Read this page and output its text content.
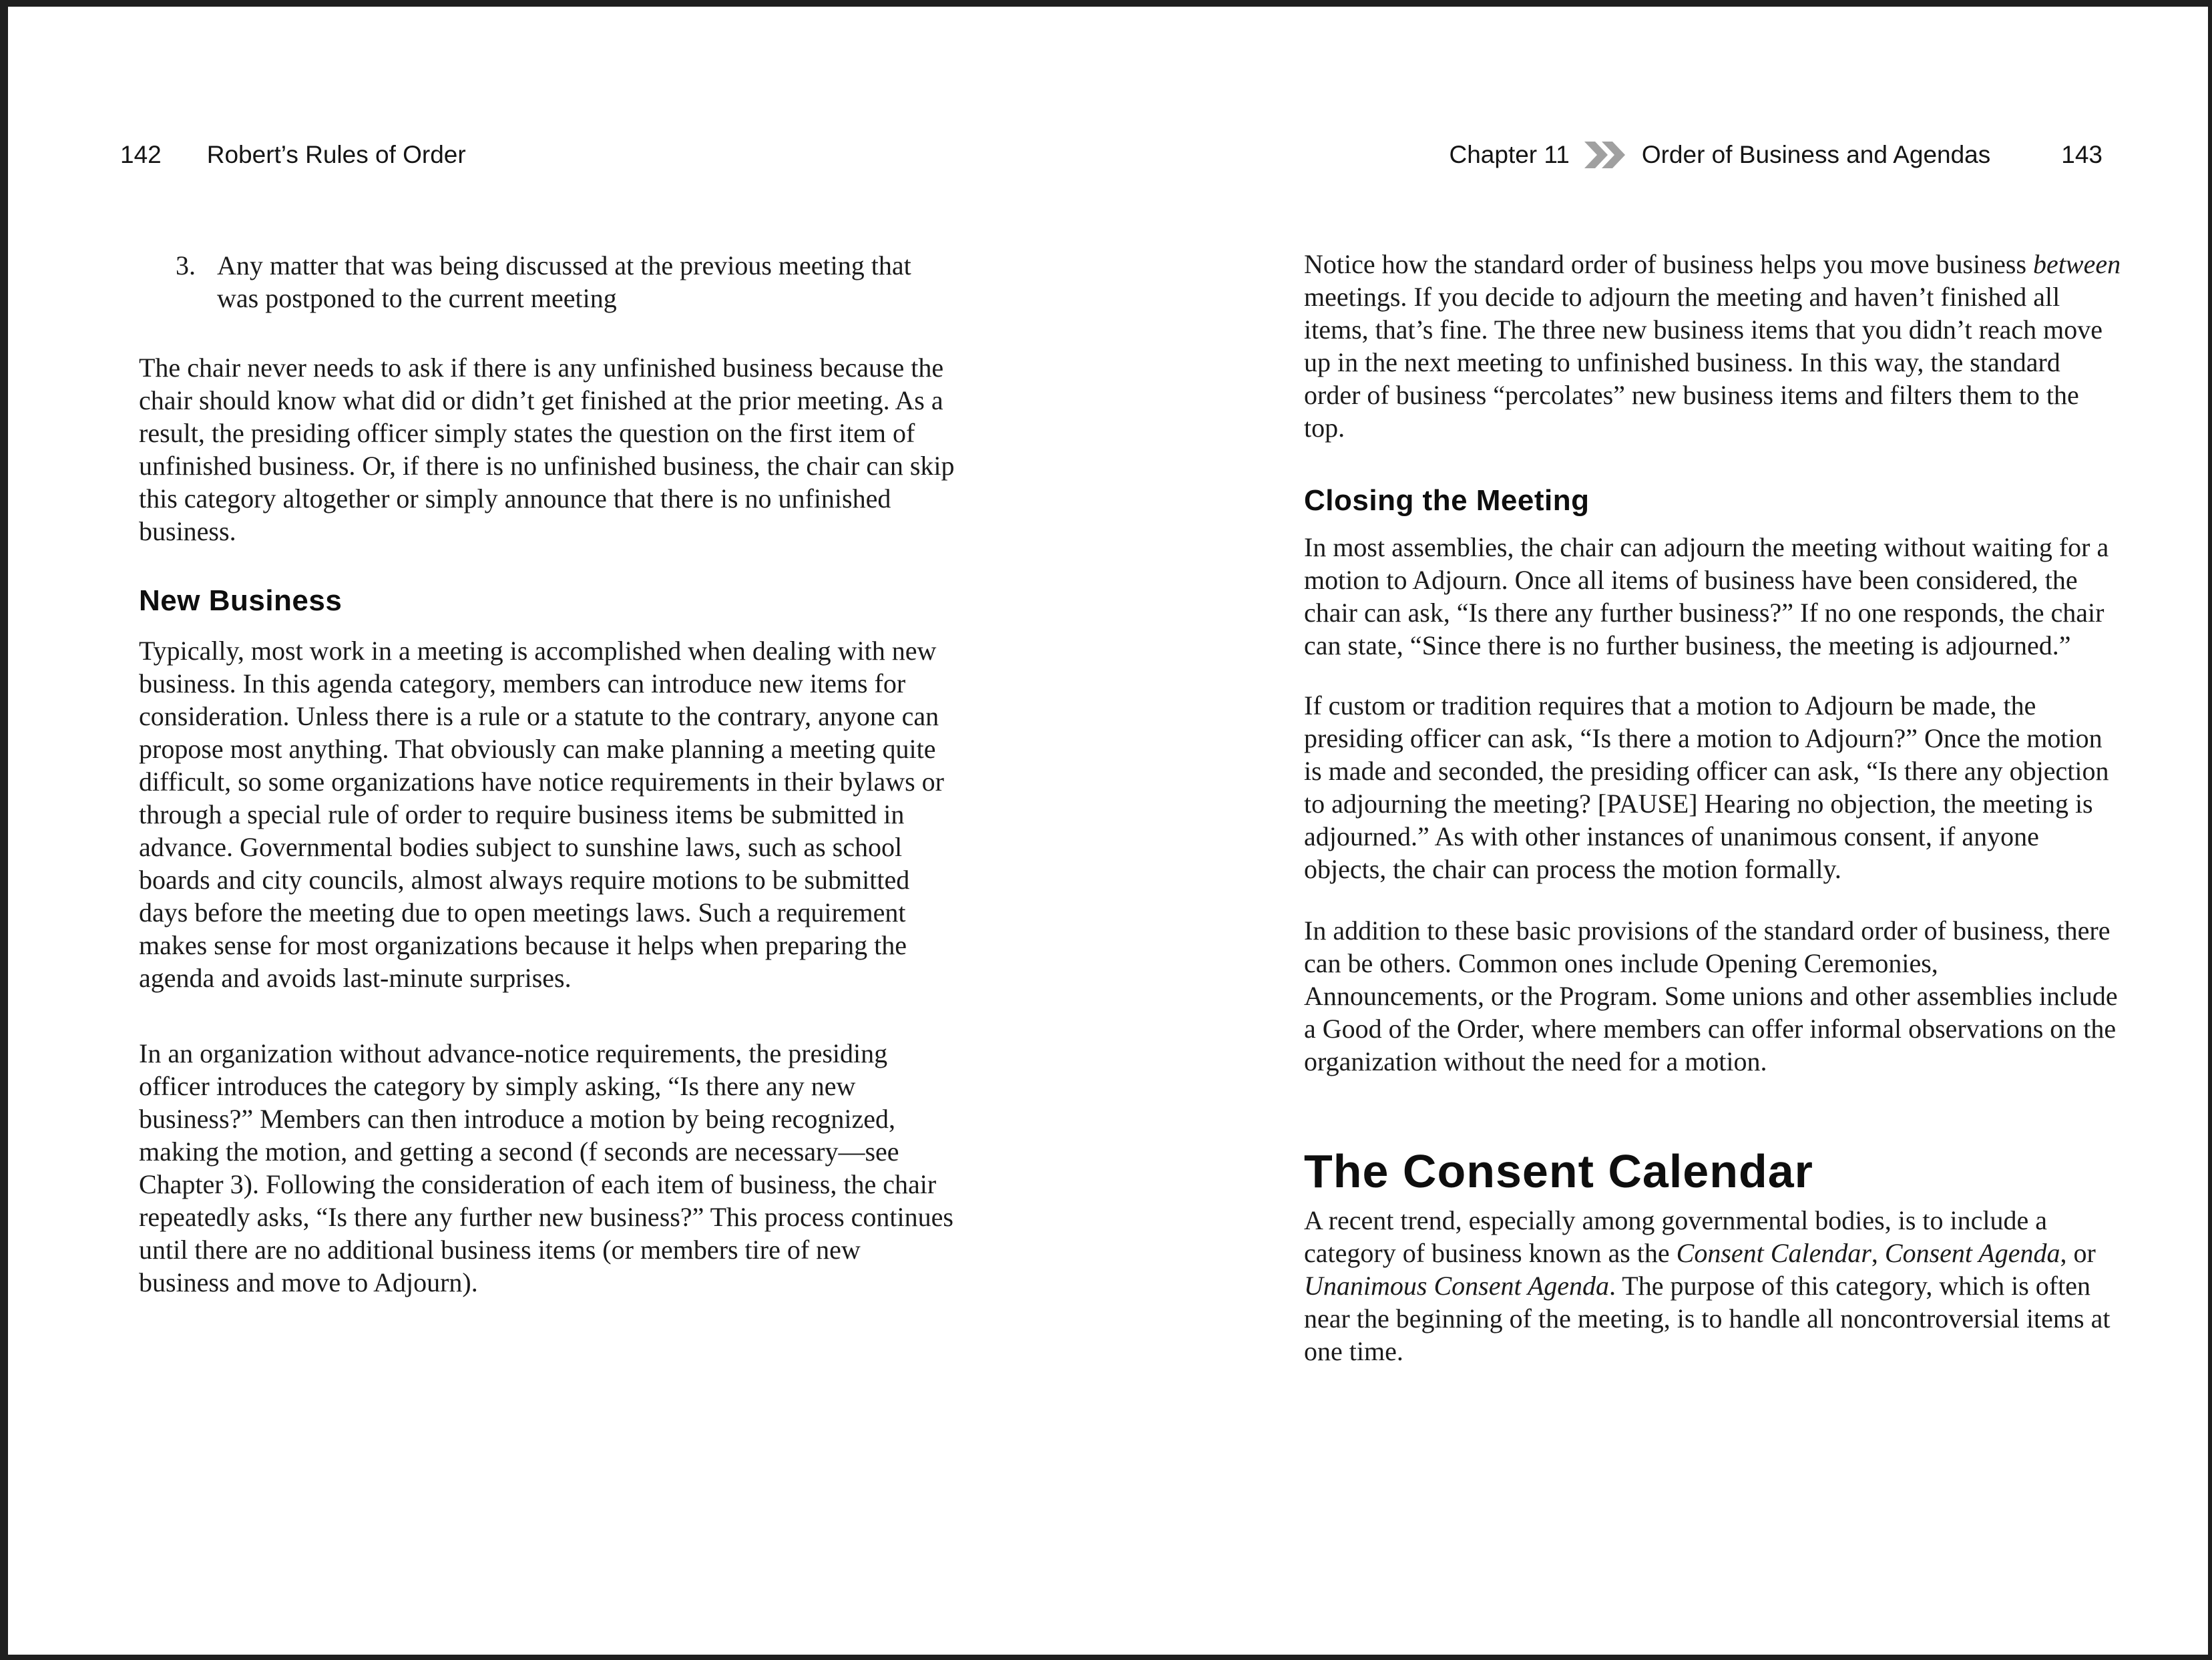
142 Robert’s Rules of Order	Chapter 11	Order of Business and Agendas	143
3. Any matter that was being discussed at the previous meeting that was postponed to the current meeting

The chair never needs to ask if there is any unfinished business because the chair should know what did or didn’t get finished at the prior meeting. As a result, the presiding officer simply states the question on the first item of unfinished business. Or, if there is no unfinished business, the chair can skip this category altogether or simply announce that there is no unfinished business.

New Business

Typically, most work in a meeting is accomplished when dealing with new business. In this agenda category, members can introduce new items for consideration. Unless there is a rule or a statute to the contrary, anyone can propose most anything. That obviously can make planning a meeting quite difficult, so some organizations have notice requirements in their bylaws or through a special rule of order to require business items be submitted in advance. Governmental bodies subject to sunshine laws, such as school boards and city councils, almost always require motions to be submitted days before the meeting due to open meetings laws. Such a requirement makes sense for most organizations because it helps when preparing the agenda and avoids last-minute surprises.

In an organization without advance-notice requirements, the presiding officer introduces the category by simply asking, “Is there any new business?” Members can then introduce a motion by being recognized, making the motion, and getting a second (f seconds are necessary—see Chapter 3). Following the consideration of each item of business, the chair repeatedly asks, “Is there any further new business?” This process continues until there are no additional business items (or members tire of new business and move to Adjourn).

Notice how the standard order of business helps you move business between meetings. If you decide to adjourn the meeting and haven’t finished all items, that’s fine. The three new business items that you didn’t reach move up in the next meeting to unfinished business. In this way, the standard order of business “percolates” new business items and filters them to the top.

Closing the Meeting

In most assemblies, the chair can adjourn the meeting without waiting for a motion to Adjourn. Once all items of business have been considered, the chair can ask, “Is there any further business?” If no one responds, the chair can state, “Since there is no further business, the meeting is adjourned.”

If custom or tradition requires that a motion to Adjourn be made, the presiding officer can ask, “Is there a motion to Adjourn?” Once the motion is made and seconded, the presiding officer can ask, “Is there any objection to adjourning the meeting? [PAUSE] Hearing no objection, the meeting is adjourned.” As with other instances of unanimous consent, if anyone objects, the chair can process the motion formally.

In addition to these basic provisions of the standard order of business, there can be others. Common ones include Opening Ceremonies, Announcements, or the Program. Some unions and other assemblies include a Good of the Order, where members can offer informal observations on the organization without the need for a motion.

The Consent Calendar

A recent trend, especially among governmental bodies, is to include a category of business known as the Consent Calendar, Consent Agenda, or Unanimous Consent Agenda. The purpose of this category, which is often near the beginning of the meeting, is to handle all noncontroversial items at one time.
